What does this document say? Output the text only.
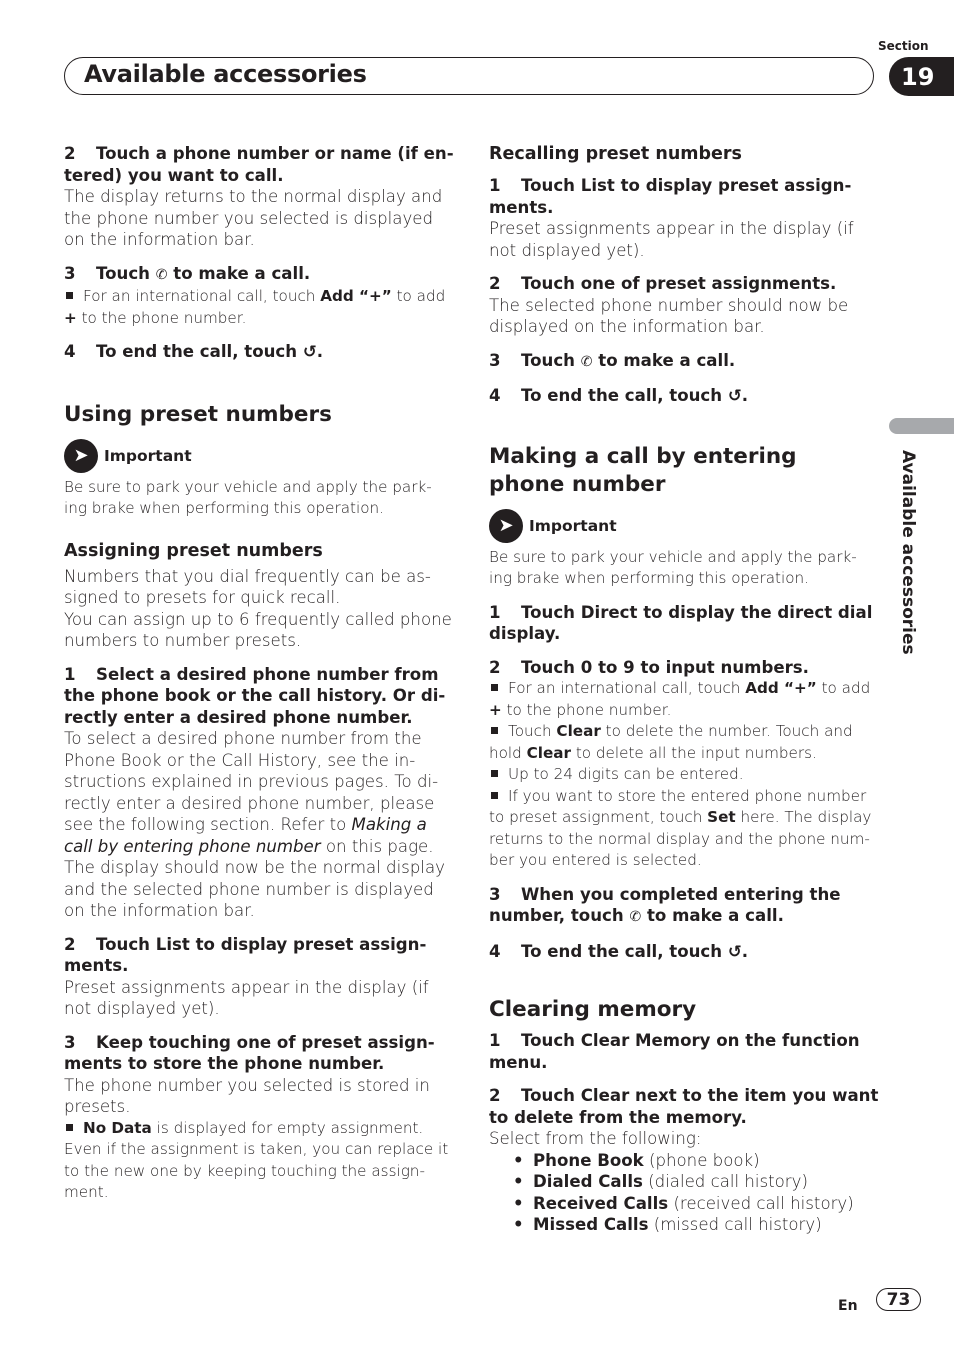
Section
Available accessories	19
Available accessories

2 Touch a phone number or name (if en-tered) you want to call.

The display returns to the normal display and the phone number you selected is displayed on the information bar.

3 Touch ✆ to make a call.

For an international call, touch Add “+” to add + to the phone number.

4 To end the call, touch ↺.

Using preset numbers

➤ Important

Be sure to park your vehicle and apply the park-ing brake when performing this operation.

Assigning preset numbers

Numbers that you dial frequently can be as-signed to presets for quick recall.

You can assign up to 6 frequently called phone numbers to number presets.

1 Select a desired phone number from the phone book or the call history. Or di-rectly enter a desired phone number.

To select a desired phone number from the Phone Book or the Call History, see the in-structions explained in previous pages. To di-rectly enter a desired phone number, please see the following section. Refer to Making a call by entering phone number on this page.

The display should now be the normal display and the selected phone number is displayed on the information bar.

2 Touch List to display preset assign-ments.

Preset assignments appear in the display (if not displayed yet).

3 Keep touching one of preset assign-ments to store the phone number.

The phone number you selected is stored in presets.

No Data is displayed for empty assignment. Even if the assignment is taken, you can replace it to the new one by keeping touching the assign-ment.

Recalling preset numbers

1 Touch List to display preset assign-ments.

Preset assignments appear in the display (if not displayed yet).

2 Touch one of preset assignments.

The selected phone number should now be displayed on the information bar.

3 Touch ✆ to make a call.

4 To end the call, touch ↺.

Making a call by entering phone number

➤ Important

Be sure to park your vehicle and apply the park-ing brake when performing this operation.

1 Touch Direct to display the direct dial display.

2 Touch 0 to 9 to input numbers.

For an international call, touch Add “+” to add + to the phone number.

Touch Clear to delete the number. Touch and hold Clear to delete all the input numbers.

Up to 24 digits can be entered.

If you want to store the entered phone number to preset assignment, touch Set here. The display returns to the normal display and the phone num-ber you entered is selected.

3 When you completed entering the number, touch ✆ to make a call.

4 To end the call, touch ↺.

Clearing memory

1 Touch Clear Memory on the function menu.

2 Touch Clear next to the item you want to delete from the memory.

Select from the following:

• Phone Book (phone book)
• Dialed Calls (dialed call history)
• Received Calls (received call history)
• Missed Calls (missed call history)
En	73
